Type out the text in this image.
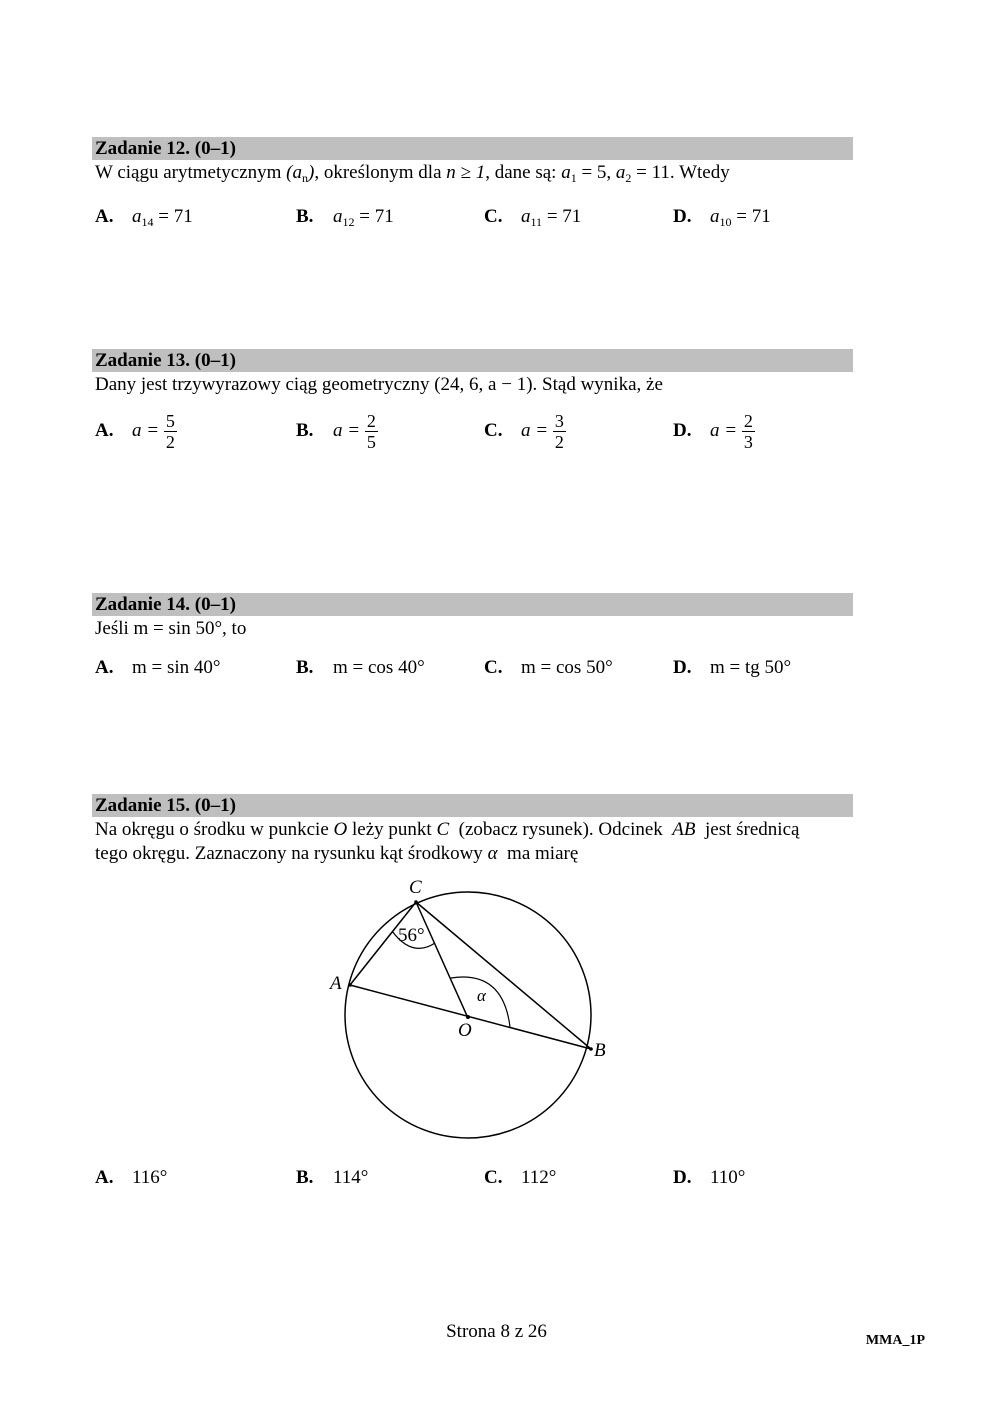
Zadanie 12. (0–1)
W ciągu arytmetycznym $(a_n)$, określonym dla n ≥ 1, dane są: $a_1 = 5$, $a_2 = 11$. Wtedy
A. $a_{14} = 71$	B. $a_{12} = 71$	C. $a_{11} = 71$	D. $a_{10} = 71$
Zadanie 13. (0–1)
Dany jest trzywyrazowy ciąg geometryczny (24, 6, a − 1). Stąd wynika, że
A. $a = \frac{5}{2}$	B. $a = \frac{2}{5}$	C. $a = \frac{3}{2}$	D. $a = \frac{2}{3}$
Zadanie 14. (0–1)
Jeśli m = sin 50°, to
A. m = sin 40°	B. m = cos 40°	C. m = cos 50°	D. m = tg 50°
Zadanie 15. (0–1)
Na okręgu o środku w punkcie O leży punkt C (zobacz rysunek). Odcinek AB jest średnicą
tego okręgu. Zaznaczony na rysunku kąt środkowy α ma miarę
C
A
B
O
56°
α
A. 116°	B. 114°	C. 112°	D. 110°
Strona 8 z 26	MMA_1P
